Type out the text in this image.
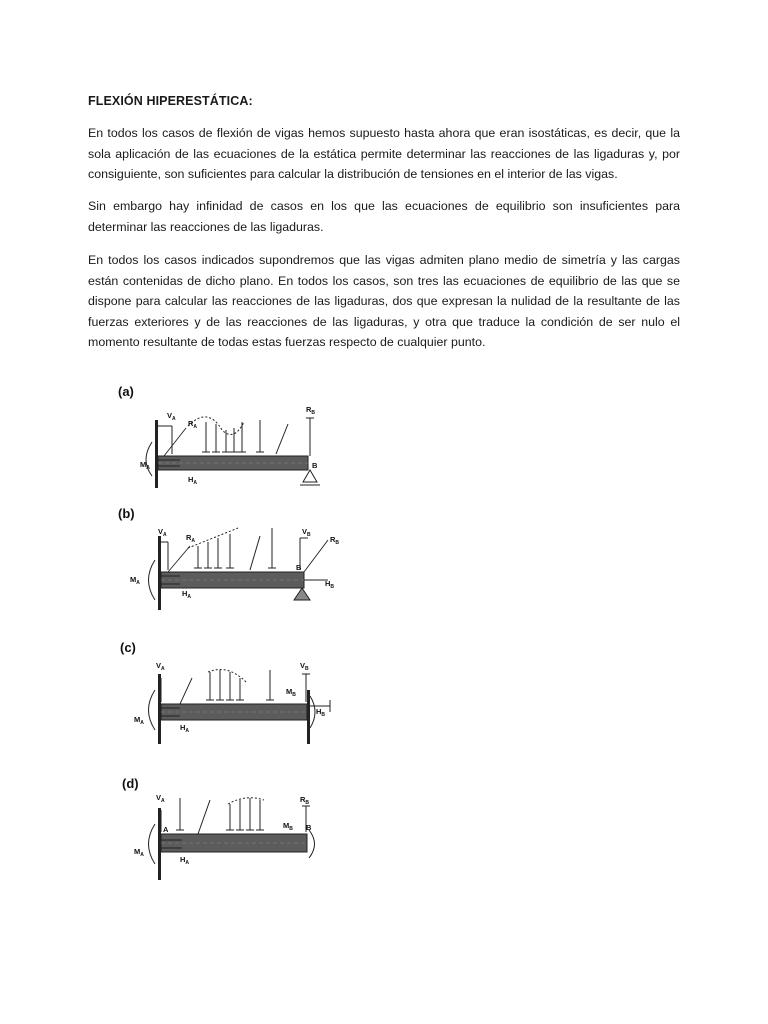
FLEXIÓN HIPERESTÁTICA:

En todos los casos de flexión de vigas hemos supuesto hasta ahora que eran isostáticas, es decir, que la sola aplicación de las ecuaciones de la estática permite determinar las reacciones de las ligaduras y, por consiguiente, son suficientes para calcular la distribución de tensiones en el interior de las vigas.

Sin embargo hay infinidad de casos en los que las ecuaciones de equilibrio son insuficientes para determinar las reacciones de las ligaduras.

En todos los casos indicados supondremos que las vigas admiten plano medio de simetría y las cargas están contenidas de dicho plano. En todos los casos, son tres las ecuaciones de equilibrio de las que se dispone para calcular las reacciones de las ligaduras, dos que expresan la nulidad de la resultante de las fuerzas exteriores y de las reacciones de las ligaduras, y otra que traduce la condición de ser nulo el momento resultante de todas estas fuerzas respecto de cualquier punto.

(a)
$V_A$ $R_A$
$R_B$
$M_A$
$H_A$
B
(b)
$V_A$	$R_A$
$V_B$	$R_B$
$M_A$
$H_A$
$H_B$
B
(c)
$V_A$	$V_B$
$M_B$
$M_A$	$H_A$
$H_B$
(d)
$V_A$	$R_B$
A	$M_B$ B
$M_A$	$H_A$
